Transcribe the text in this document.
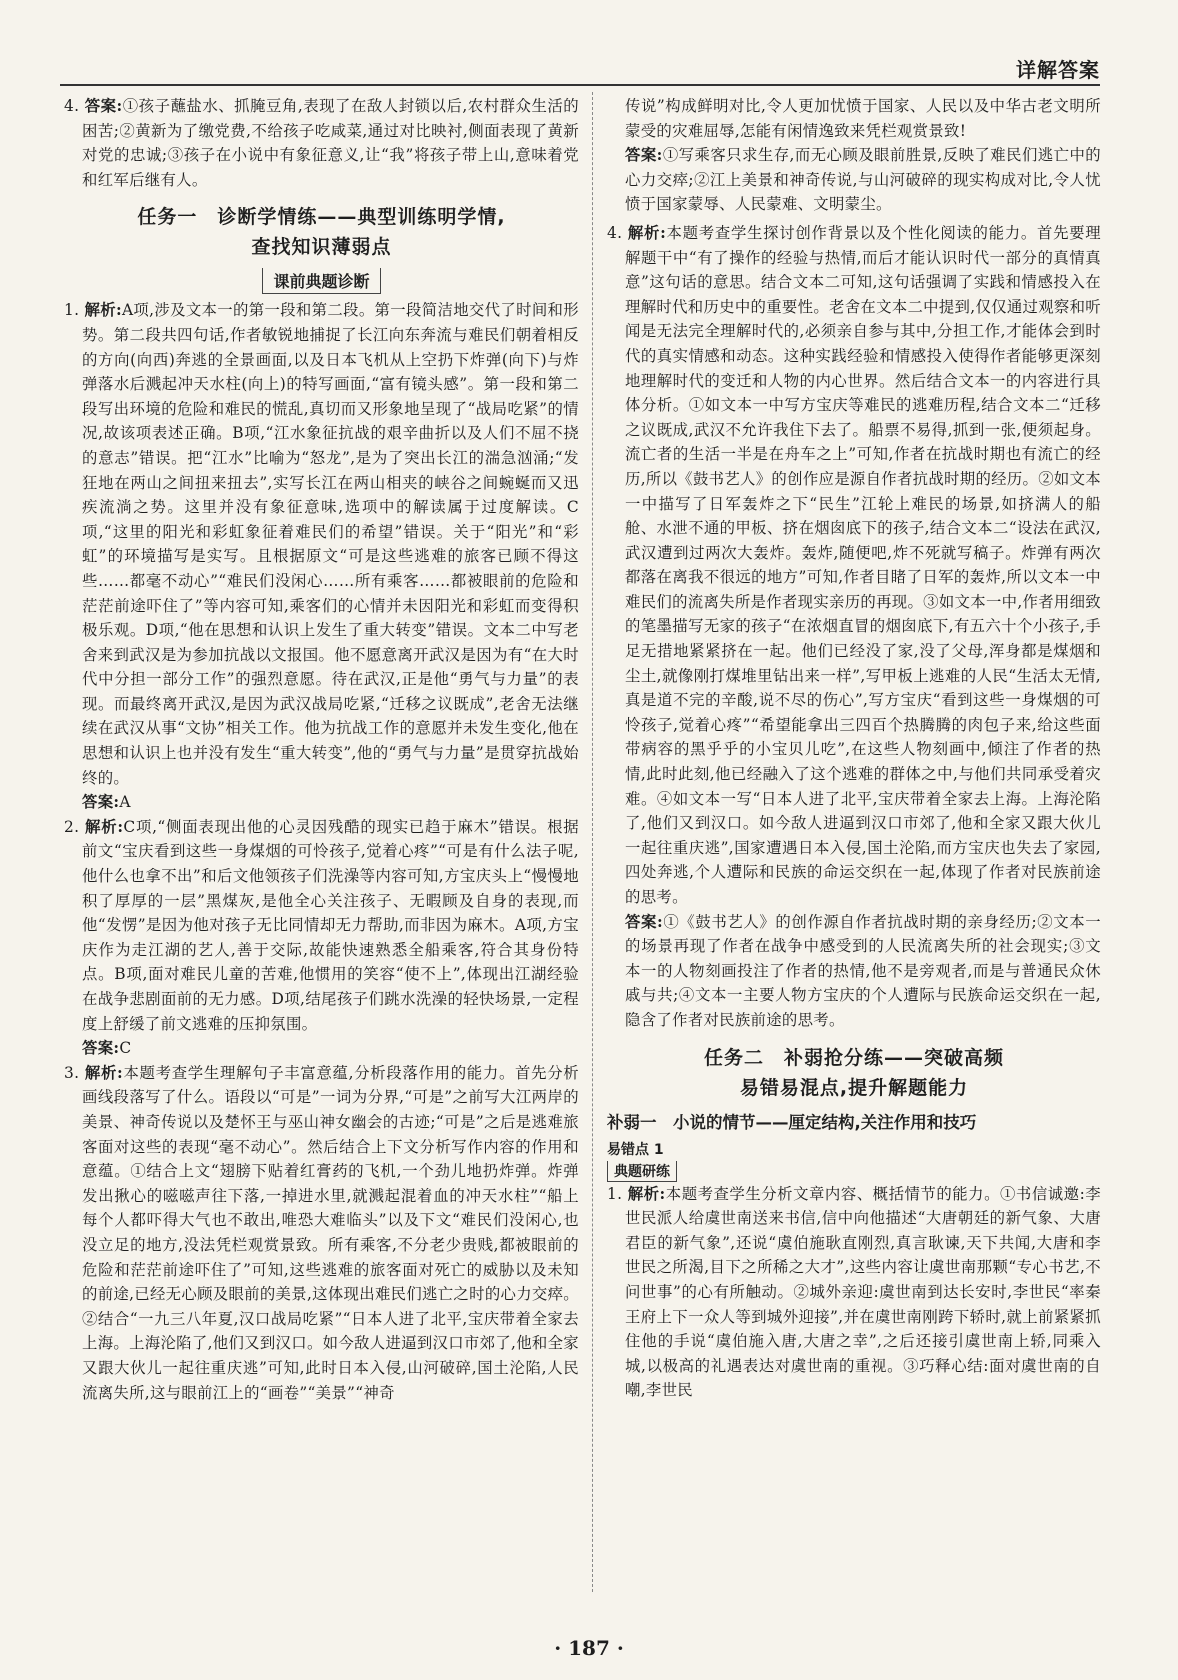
详解答案

4. 答案:①孩子蘸盐水、抓腌豆角,表现了在敌人封锁以后,农村群众生活的困苦;②黄新为了缴党费,不给孩子吃咸菜,通过对比映衬,侧面表现了黄新对党的忠诚;③孩子在小说中有象征意义,让“我”将孩子带上山,意味着党和红军后继有人。

任务一　诊断学情练——典型训练明学情,
查找知识薄弱点
课前典题诊断

1. 解析:A项,涉及文本一的第一段和第二段。第一段简洁地交代了时间和形势。第二段共四句话,作者敏锐地捕捉了长江向东奔流与难民们朝着相反的方向(向西)奔逃的全景画面,以及日本飞机从上空扔下炸弹(向下)与炸弹落水后溅起冲天水柱(向上)的特写画面,“富有镜头感”。第一段和第二段写出环境的危险和难民的慌乱,真切而又形象地呈现了“战局吃紧”的情况,故该项表述正确。B项,“江水象征抗战的艰辛曲折以及人们不屈不挠的意志”错误。把“江水”比喻为“怒龙”,是为了突出长江的湍急汹涌;“发狂地在两山之间扭来扭去”,实写长江在两山相夹的峡谷之间蜿蜒而又迅疾流淌之势。这里并没有象征意味,选项中的解读属于过度解读。C项,“这里的阳光和彩虹象征着难民们的希望”错误。关于“阳光”和“彩虹”的环境描写是实写。且根据原文“可是这些逃难的旅客已顾不得这些……都毫不动心”“难民们没闲心……所有乘客……都被眼前的危险和茫茫前途吓住了”等内容可知,乘客们的心情并未因阳光和彩虹而变得积极乐观。D项,“他在思想和认识上发生了重大转变”错误。文本二中写老舍来到武汉是为参加抗战以文报国。他不愿意离开武汉是因为有“在大时代中分担一部分工作”的强烈意愿。待在武汉,正是他“勇气与力量”的表现。而最终离开武汉,是因为武汉战局吃紧,“迁移之议既成”,老舍无法继续在武汉从事“文协”相关工作。他为抗战工作的意愿并未发生变化,他在思想和认识上也并没有发生“重大转变”,他的“勇气与力量”是贯穿抗战始终的。

答案:A

2. 解析:C项,“侧面表现出他的心灵因残酷的现实已趋于麻木”错误。根据前文“宝庆看到这些一身煤烟的可怜孩子,觉着心疼”“可是有什么法子呢,他什么也拿不出”和后文他领孩子们洗澡等内容可知,方宝庆头上“慢慢地积了厚厚的一层”黑煤灰,是他全心关注孩子、无暇顾及自身的表现,而他“发愣”是因为他对孩子无比同情却无力帮助,而非因为麻木。A项,方宝庆作为走江湖的艺人,善于交际,故能快速熟悉全船乘客,符合其身份特点。B项,面对难民儿童的苦难,他惯用的笑容“使不上”,体现出江湖经验在战争悲剧面前的无力感。D项,结尾孩子们跳水洗澡的轻快场景,一定程度上舒缓了前文逃难的压抑氛围。

答案:C

3. 解析:本题考查学生理解句子丰富意蕴,分析段落作用的能力。首先分析画线段落写了什么。语段以“可是”一词为分界,“可是”之前写大江两岸的美景、神奇传说以及楚怀王与巫山神女幽会的古迹;“可是”之后是逃难旅客面对这些的表现“毫不动心”。然后结合上下文分析写作内容的作用和意蕴。①结合上文“翅膀下贴着红膏药的飞机,一个劲儿地扔炸弹。炸弹发出揪心的嗞嗞声往下落,一掉进水里,就溅起混着血的冲天水柱”“船上每个人都吓得大气也不敢出,唯恐大难临头”以及下文“难民们没闲心,也没立足的地方,没法凭栏观赏景致。所有乘客,不分老少贵贱,都被眼前的危险和茫茫前途吓住了”可知,这些逃难的旅客面对死亡的威胁以及未知的前途,已经无心顾及眼前的美景,这体现出难民们逃亡之时的心力交瘁。②结合“一九三八年夏,汉口战局吃紧”“日本人进了北平,宝庆带着全家去上海。上海沦陷了,他们又到汉口。如今敌人进逼到汉口市郊了,他和全家又跟大伙儿一起往重庆逃”可知,此时日本入侵,山河破碎,国土沦陷,人民流离失所,这与眼前江上的“画卷”“美景”“神奇

传说”构成鲜明对比,令人更加忧愤于国家、人民以及中华古老文明所蒙受的灾难屈辱,怎能有闲情逸致来凭栏观赏景致!

答案:①写乘客只求生存,而无心顾及眼前胜景,反映了难民们逃亡中的心力交瘁;②江上美景和神奇传说,与山河破碎的现实构成对比,令人忧愤于国家蒙辱、人民蒙难、文明蒙尘。

4. 解析:本题考查学生探讨创作背景以及个性化阅读的能力。首先要理解题干中“有了操作的经验与热情,而后才能认识时代一部分的真情真意”这句话的意思。结合文本二可知,这句话强调了实践和情感投入在理解时代和历史中的重要性。老舍在文本二中提到,仅仅通过观察和听闻是无法完全理解时代的,必须亲自参与其中,分担工作,才能体会到时代的真实情感和动态。这种实践经验和情感投入使得作者能够更深刻地理解时代的变迁和人物的内心世界。然后结合文本一的内容进行具体分析。①如文本一中写方宝庆等难民的逃难历程,结合文本二“迁移之议既成,武汉不允许我住下去了。船票不易得,抓到一张,便须起身。流亡者的生活一半是在舟车之上”可知,作者在抗战时期也有流亡的经历,所以《鼓书艺人》的创作应是源自作者抗战时期的经历。②如文本一中描写了日军轰炸之下“民生”江轮上难民的场景,如挤满人的船舱、水泄不通的甲板、挤在烟囱底下的孩子,结合文本二“设法在武汉,武汉遭到过两次大轰炸。轰炸,随便吧,炸不死就写稿子。炸弹有两次都落在离我不很远的地方”可知,作者目睹了日军的轰炸,所以文本一中难民们的流离失所是作者现实亲历的再现。③如文本一中,作者用细致的笔墨描写无家的孩子“在浓烟直冒的烟囱底下,有五六十个小孩子,手足无措地紧紧挤在一起。他们已经没了家,没了父母,浑身都是煤烟和尘土,就像刚打煤堆里钻出来一样”,写甲板上逃难的人民“生活太无情,真是道不完的辛酸,说不尽的伤心”,写方宝庆“看到这些一身煤烟的可怜孩子,觉着心疼”“希望能拿出三四百个热腾腾的肉包子来,给这些面带病容的黑乎乎的小宝贝儿吃”,在这些人物刻画中,倾注了作者的热情,此时此刻,他已经融入了这个逃难的群体之中,与他们共同承受着灾难。④如文本一写“日本人进了北平,宝庆带着全家去上海。上海沦陷了,他们又到汉口。如今敌人进逼到汉口市郊了,他和全家又跟大伙儿一起往重庆逃”,国家遭遇日本入侵,国土沦陷,而方宝庆也失去了家园,四处奔逃,个人遭际和民族的命运交织在一起,体现了作者对民族前途的思考。

答案:①《鼓书艺人》的创作源自作者抗战时期的亲身经历;②文本一的场景再现了作者在战争中感受到的人民流离失所的社会现实;③文本一的人物刻画投注了作者的热情,他不是旁观者,而是与普通民众休戚与共;④文本一主要人物方宝庆的个人遭际与民族命运交织在一起,隐含了作者对民族前途的思考。

任务二　补弱抢分练——突破高频
易错易混点,提升解题能力
补弱一　小说的情节——厘定结构,关注作用和技巧
易错点 1
典题研练

1. 解析:本题考查学生分析文章内容、概括情节的能力。①书信诚邀:李世民派人给虞世南送来书信,信中向他描述“大唐朝廷的新气象、大唐君臣的新气象”,还说“虞伯施耿直刚烈,真言耿谏,天下共闻,大唐和李世民之所渴,目下之所稀之大才”,这些内容让虞世南那颗“专心书艺,不问世事”的心有所触动。②城外亲迎:虞世南到达长安时,李世民“率秦王府上下一众人等到城外迎接”,并在虞世南刚跨下轿时,就上前紧紧抓住他的手说“虞伯施入唐,大唐之幸”,之后还接引虞世南上轿,同乘入城,以极高的礼遇表达对虞世南的重视。③巧释心结:面对虞世南的自嘲,李世民

· 187 ·
